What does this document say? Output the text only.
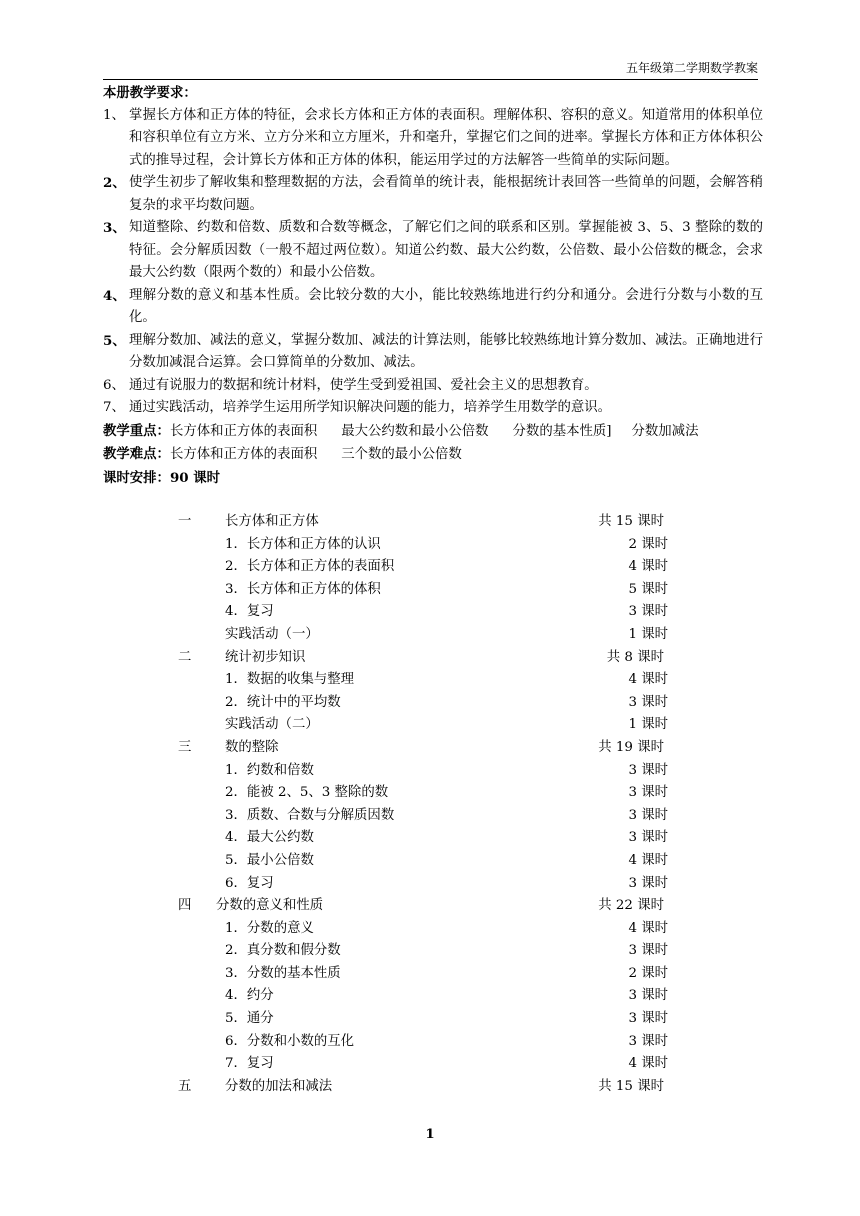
五年级第二学期数学教案
本册教学要求：
1、 掌握长方体和正方体的特征，会求长方体和正方体的表面积。理解体积、容积的意义。知道常用的体积单位和容积单位有立方米、立方分米和立方厘米，升和毫升，掌握它们之间的进率。掌握长方体和正方体体积公式的推导过程，会计算长方体和正方体的体积，能运用学过的方法解答一些简单的实际问题。
2、 使学生初步了解收集和整理数据的方法，会看简单的统计表，能根据统计表回答一些简单的问题，会解答稍复杂的求平均数问题。
3、 知道整除、约数和倍数、质数和合数等概念，了解它们之间的联系和区别。掌握能被 3、5、3 整除的数的特征。会分解质因数（一般不超过两位数）。知道公约数、最大公约数，公倍数、最小公倍数的概念，会求最大公约数（限两个数的）和最小公倍数。
4、 理解分数的意义和基本性质。会比较分数的大小，能比较熟练地进行约分和通分。会进行分数与小数的互化。
5、 理解分数加、减法的意义，掌握分数加、减法的计算法则，能够比较熟练地计算分数加、减法。正确地进行分数加减混合运算。会口算简单的分数加、减法。
6、 通过有说服力的数据和统计材料，使学生受到爱祖国、爱社会主义的思想教育。
7、 通过实践活动，培养学生运用所学知识解决问题的能力，培养学生用数学的意识。
教学重点：长方体和正方体的表面积 最大公约数和最小公倍数 分数的基本性质] 分数加减法
教学难点：长方体和正方体的表面积 三个数的最小公倍数
课时安排：90 课时
一	长方体和正方体	共 15 课时
1．长方体和正方体的认识	2 课时
2．长方体和正方体的表面积	4 课时
3．长方体和正方体的体积	5 课时
4．复习	3 课时
实践活动（一）	1 课时
二	统计初步知识	共 8 课时
1．数据的收集与整理	4 课时
2．统计中的平均数	3 课时
实践活动（二）	1 课时
三	数的整除	共 19 课时
1．约数和倍数	3 课时
2．能被 2、5、3 整除的数	3 课时
3．质数、合数与分解质因数	3 课时
4．最大公约数	3 课时
5．最小公倍数	4 课时
6．复习	3 课时
四 分数的意义和性质	共 22 课时
1．分数的意义	4 课时
2．真分数和假分数	3 课时
3．分数的基本性质	2 课时
4．约分	3 课时
5．通分	3 课时
6．分数和小数的互化	3 课时
7．复习	4 课时
五	分数的加法和减法	共 15 课时
1
